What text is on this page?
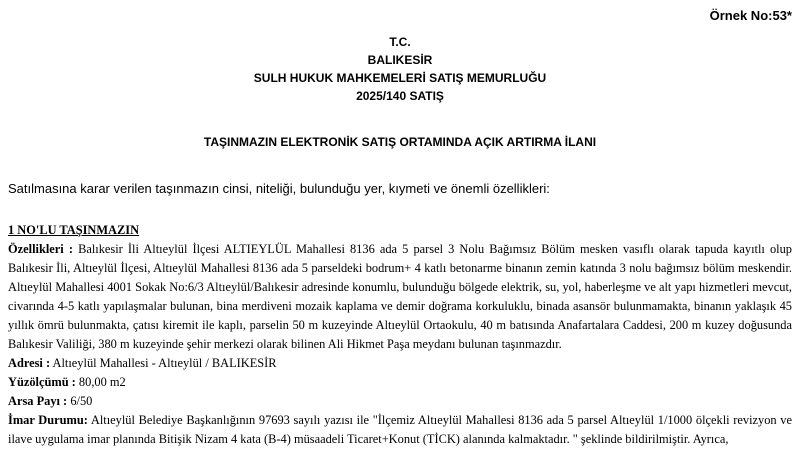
Örnek No:53*
T.C.
BALIKESİR
SULH HUKUK MAHKEMELERİ SATIŞ MEMURLUĞU
2025/140 SATIŞ
TAŞINMAZIN ELEKTRONİK SATIŞ ORTAMINDA AÇIK ARTIRMA İLANI
Satılmasına karar verilen taşınmazın cinsi, niteliği, bulunduğu yer, kıymeti ve önemli özellikleri:
1 NO'LU TAŞINMAZIN
Özellikleri : Balıkesir İli Altıeylül İlçesi ALTIEYLÜL Mahallesi 8136 ada 5 parsel 3 Nolu Bağımsız Bölüm mesken vasıflı olarak tapuda kayıtlı olup Balıkesir İli, Altıeylül İlçesi, Altıeylül Mahallesi 8136 ada 5 parseldeki bodrum+ 4 katlı betonarme binanın zemin katında 3 nolu bağımsız bölüm meskendir. Altıeylül Mahallesi 4001 Sokak No:6/3 Altıeylül/Balıkesir adresinde konumlu, bulunduğu bölgede elektrik, su, yol, haberleşme ve alt yapı hizmetleri mevcut, civarında 4-5 katlı yapılaşmalar bulunan, bina merdiveni mozaik kaplama ve demir doğrama korkuluklu, binada asansör bulunmamakta, binanın yaklaşık 45 yıllık ömrü bulunmakta, çatısı kiremit ile kaplı, parselin 50 m kuzeyinde Altıeylül Ortaokulu, 40 m batısında Anafartalara Caddesi, 200 m kuzey doğusunda Balıkesir Valiliği, 380 m kuzeyinde şehir merkezi olarak bilinen Ali Hikmet Paşa meydanı bulunan taşınmazdır.
Adresi : Altıeylül Mahallesi - Altıeylül / BALIKESİR
Yüzölçümü : 80,00 m2
Arsa Payı : 6/50
İmar Durumu: Altıeylül Belediye Başkanlığının 97693 sayılı yazısı ile "İlçemiz Altıeylül Mahallesi 8136 ada 5 parsel Altıeylül 1/1000 ölçekli revizyon ve ilave uygulama imar planında Bitişik Nizam 4 kata (B-4) müsaadeli Ticaret+Konut (TİCK) alanında kalmaktadır. " şeklinde bildirilmiştir. Ayrıca,
